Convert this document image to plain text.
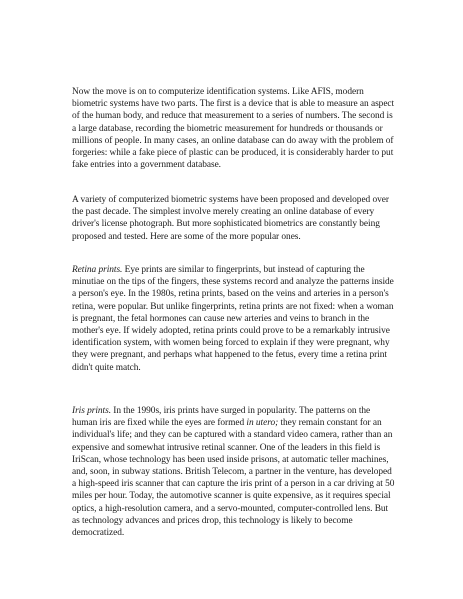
Now the move is on to computerize identification systems. Like AFIS, modern biometric systems have two parts. The first is a device that is able to measure an aspect of the human body, and reduce that measurement to a series of numbers. The second is a large database, recording the biometric measurement for hundreds or thousands or millions of people. In many cases, an online database can do away with the problem of forgeries: while a fake piece of plastic can be produced, it is considerably harder to put fake entries into a government database.

A variety of computerized biometric systems have been proposed and developed over the past decade. The simplest involve merely creating an online database of every driver's license photograph. But more sophisticated biometrics are constantly being proposed and tested. Here are some of the more popular ones.

Retina prints. Eye prints are similar to fingerprints, but instead of capturing the minutiae on the tips of the fingers, these systems record and analyze the patterns inside a person's eye. In the 1980s, retina prints, based on the veins and arteries in a person's retina, were popular. But unlike fingerprints, retina prints are not fixed: when a woman is pregnant, the fetal hormones can cause new arteries and veins to branch in the mother's eye. If widely adopted, retina prints could prove to be a remarkably intrusive identification system, with women being forced to explain if they were pregnant, why they were pregnant, and perhaps what happened to the fetus, every time a retina print didn't quite match.

Iris prints. In the 1990s, iris prints have surged in popularity. The patterns on the human iris are fixed while the eyes are formed in utero; they remain constant for an individual's life; and they can be captured with a standard video camera, rather than an expensive and somewhat intrusive retinal scanner. One of the leaders in this field is IriScan, whose technology has been used inside prisons, at automatic teller machines, and, soon, in subway stations. British Telecom, a partner in the venture, has developed a high-speed iris scanner that can capture the iris print of a person in a car driving at 50 miles per hour. Today, the automotive scanner is quite expensive, as it requires special optics, a high-resolution camera, and a servo-mounted, computer-controlled lens. But as technology advances and prices drop, this technology is likely to become democratized.
